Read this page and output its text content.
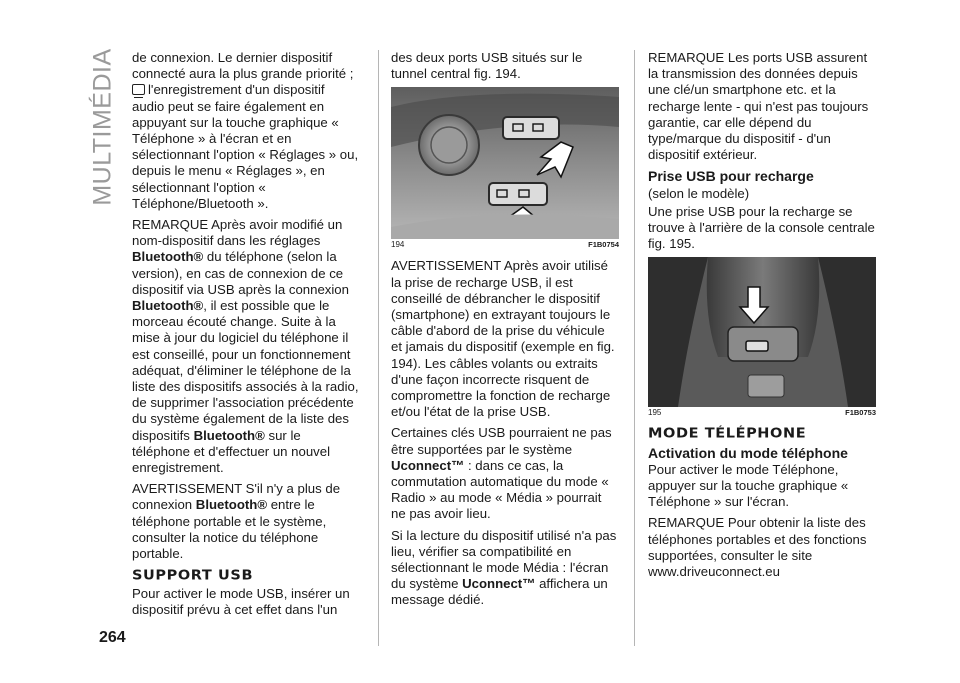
MULTIMÉDIA
264

de connexion. Le dernier dispositif connecté aura la plus grande priorité ;
l'enregistrement d'un dispositif audio peut se faire également en appuyant sur la touche graphique « Téléphone » à l'écran et en sélectionnant l'option « Réglages » ou, depuis le menu « Réglages », en sélectionnant l'option « Téléphone/Bluetooth ».

REMARQUE Après avoir modifié un nom-dispositif dans les réglages Bluetooth® du téléphone (selon la version), en cas de connexion de ce dispositif via USB après la connexion Bluetooth®, il est possible que le morceau écouté change. Suite à la mise à jour du logiciel du téléphone il est conseillé, pour un fonctionnement adéquat, d'éliminer le téléphone de la liste des dispositifs associés à la radio, de supprimer l'association précédente du système également de la liste des dispositifs Bluetooth® sur le téléphone et d'effectuer un nouvel enregistrement.

AVERTISSEMENT S'il n'y a plus de connexion Bluetooth® entre le téléphone portable et le système, consulter la notice du téléphone portable.

SUPPORT USB

Pour activer le mode USB, insérer un dispositif prévu à cet effet dans l'un

des deux ports USB situés sur le tunnel central fig. 194.

194	F1B0754

AVERTISSEMENT Après avoir utilisé la prise de recharge USB, il est conseillé de débrancher le dispositif (smartphone) en extrayant toujours le câble d'abord de la prise du véhicule et jamais du dispositif (exemple en fig. 194). Les câbles volants ou extraits d'une façon incorrecte risquent de compromettre la fonction de recharge et/ou l'état de la prise USB.

Certaines clés USB pourraient ne pas être supportées par le système Uconnect™ : dans ce cas, la commutation automatique du mode « Radio » au mode « Média » pourrait ne pas avoir lieu.

Si la lecture du dispositif utilisé n'a pas lieu, vérifier sa compatibilité en sélectionnant le mode Média : l'écran du système Uconnect™ affichera un message dédié.

REMARQUE Les ports USB assurent la transmission des données depuis une clé/un smartphone etc. et la recharge lente - qui n'est pas toujours garantie, car elle dépend du type/marque du dispositif - d'un dispositif extérieur.

Prise USB pour recharge

(selon le modèle)

Une prise USB pour la recharge se trouve à l'arrière de la console centrale fig. 195.

195	F1B0753
MODE TÉLÉPHONE
Activation du mode téléphone

Pour activer le mode Téléphone, appuyer sur la touche graphique « Téléphone » sur l'écran.

REMARQUE Pour obtenir la liste des téléphones portables et des fonctions supportées, consulter le site www.driveuconnect.eu
